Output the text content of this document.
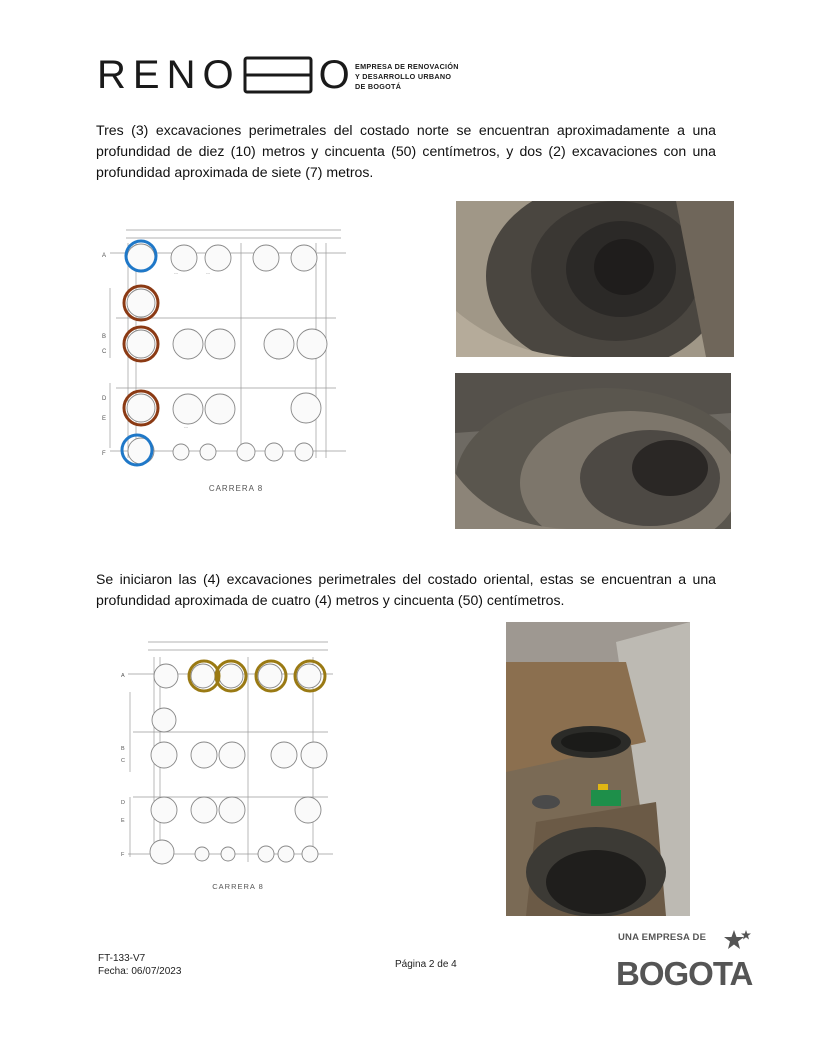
RENO O
EMPRESA DE RENOVACIÓN
Y DESARROLLO URBANO
DE BOGOTÁ

Tres (3) excavaciones perimetrales del costado norte se encuentran aproximadamente a una profundidad de diez (10) metros y cincuenta (50) centímetros, y dos (2) excavaciones con una profundidad aproximada de siete (7) metros.

---	---
---
---
A
B
C
D
E
F
CARRERA 8

Se iniciaron las (4) excavaciones perimetrales del costado oriental, estas se encuentran a una profundidad aproximada de cuatro (4) metros y cincuenta (50) centímetros.

A
B
C
D
E
F
CARRERA 8
FT-133-V7
Fecha: 06/07/2023
Página 2 de 4
UNA EMPRESA DE
BOGOTA
